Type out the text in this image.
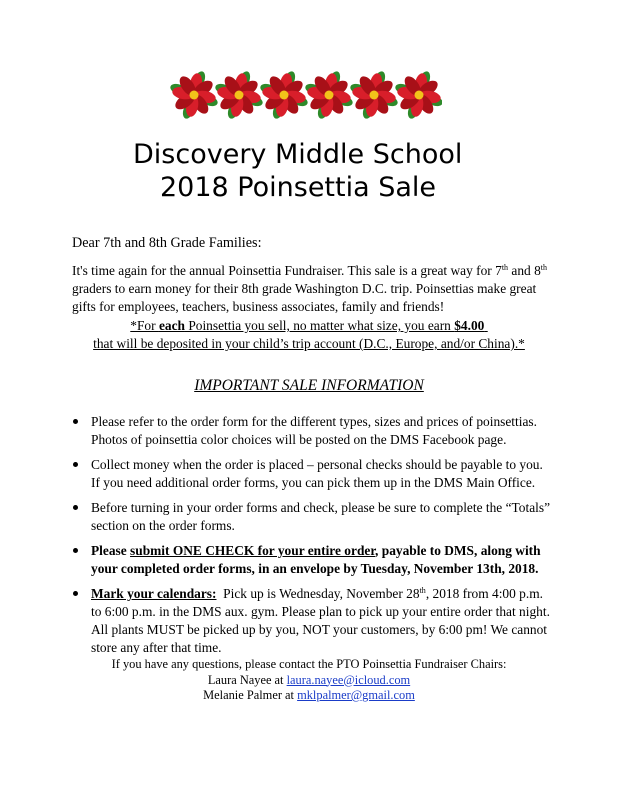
Discovery Middle School
2018 Poinsettia Sale
Dear 7th and 8th Grade Families:
It's time again for the annual Poinsettia Fundraiser. This sale is a great way for 7th and 8th
graders to earn money for their 8th grade Washington D.C. trip. Poinsettias make great
gifts for employees, teachers, business associates, family and friends!
*For each Poinsettia you sell, no matter what size, you earn $4.00
that will be deposited in your child’s trip account (D.C., Europe, and/or China).*
IMPORTANT SALE INFORMATION
Please refer to the order form for the different types, sizes and prices of poinsettias.
Photos of poinsettia color choices will be posted on the DMS Facebook page.
Collect money when the order is placed – personal checks should be payable to you.
If you need additional order forms, you can pick them up in the DMS Main Office.
Before turning in your order forms and check, please be sure to complete the “Totals”
section on the order forms.
Please submit ONE CHECK for your entire order, payable to DMS, along with
your completed order forms, in an envelope by Tuesday, November 13th, 2018.
Mark your calendars:  Pick up is Wednesday, November 28th, 2018 from 4:00 p.m.
to 6:00 p.m. in the DMS aux. gym. Please plan to pick up your entire order that night.
All plants MUST be picked up by you, NOT your customers, by 6:00 pm! We cannot
store any after that time.
If you have any questions, please contact the PTO Poinsettia Fundraiser Chairs:
Laura Nayee at laura.nayee@icloud.com
Melanie Palmer at mklpalmer@gmail.com
